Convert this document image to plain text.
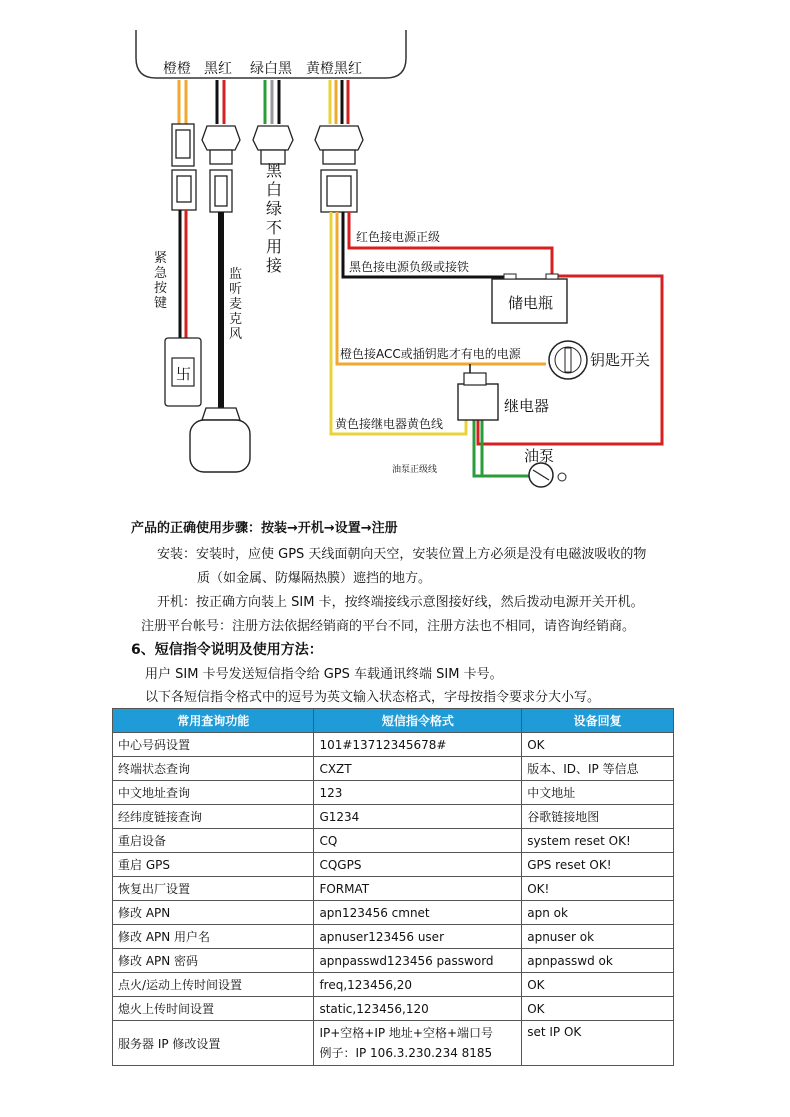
橙橙 黑红 绿白黑 黄橙黑红
卐
紧急按键
监听麦克风
黑白绿不用接
储电瓶
钥匙开关
继电器
油泵
红色接电源正级
黑色接电源负级或接铁
橙色接ACC或插钥匙才有电的电源
黄色接继电器黄色线
油泵正级线
产品的正确使用步骤：按装→开机→设置→注册
安装：安装时，应使 GPS 天线面朝向天空，安装位置上方必须是没有电磁波吸收的物
质（如金属、防爆隔热膜）遮挡的地方。
开机：按正确方向装上 SIM 卡，按终端接线示意图接好线，然后拨动电源开关开机。
注册平台帐号：注册方法依据经销商的平台不同，注册方法也不相同，请咨询经销商。
6、短信指令说明及使用方法：
用户 SIM 卡号发送短信指令给 GPS 车载通讯终端 SIM 卡号。
以下各短信指令格式中的逗号为英文输入状态格式，字母按指令要求分大小写。
常用查询功能	短信指令格式	设备回复
中心号码设置	101#13712345678#	OK
终端状态查询	CXZT	版本、ID、IP 等信息
中文地址查询	123	中文地址
经纬度链接查询	G1234	谷歌链接地图
重启设备	CQ	system reset OK!
重启 GPS	CQGPS	GPS reset OK!
恢复出厂设置	FORMAT	OK!
修改 APN	apn123456 cmnet	apn ok
修改 APN 用户名	apnuser123456 user	apnuser ok
修改 APN 密码	apnpasswd123456 password	apnpasswd ok
点火/运动上传时间设置	freq,123456,20	OK
熄火上传时间设置	static,123456,120	OK
服务器 IP 修改设置	IP+空格+IP 地址+空格+端口号
例子：IP 106.3.230.234 8185	set IP OK
